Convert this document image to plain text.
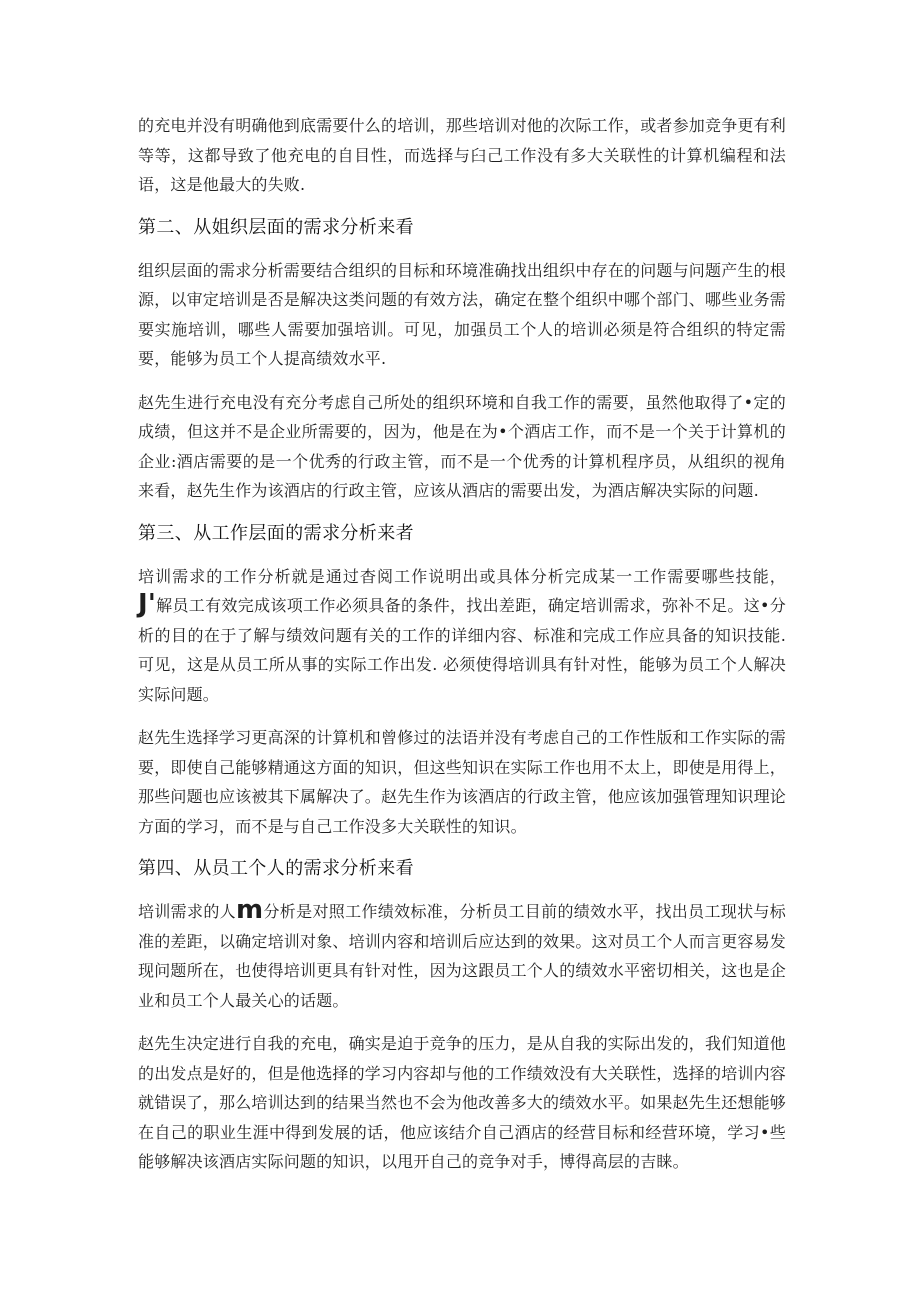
的充电并没有明确他到底需要什么的培训，那些培训对他的次际工作，或者参加竞争更有利等等，这都导致了他充电的自目性，而选择与臼己工作没有多大关联性的计算机编程和法语，这是他最大的失败.

第二、从姐织层面的需求分析来看

组织层面的需求分析需要结合组织的目标和环境准确找出组织中存在的问题与问题产生的根源，以审定培训是否是解决这类问题的有效方法，确定在整个组织中哪个部门、哪些业务需要实施培训，哪些人需要加强培训。可见，加强员工个人的培训必须是符合组织的特定需要，能够为员工个人提高绩效水平.

赵先生进行充电没有充分考虑自己所处的组织环境和自我工作的需要，虽然他取得了•定的成绩，但这并不是企业所需要的，因为，他是在为•个酒店工作，而不是一个关于计算机的企业:酒店需要的是一个优秀的行政主管，而不是一个优秀的计算机程序员，从组织的视角来看，赵先生作为该酒店的行政主管，应该从酒店的需要出发，为酒店解决实际的问题.

第三、从工作层面的需求分析来者

培训需求的工作分析就是通过杳阅工作说明出或具体分析完成某一工作需要哪些技能，J'解员工有效完成该项工作必须具备的条件，找出差距，确定培训需求，弥补不足。这•分析的目的在于了解与绩效问题有关的工作的详细内容、标准和完成工作应具备的知识技能. 可见，这是从员工所从事的实际工作出发. 必须使得培训具有针对性，能够为员工个人解决实际问题。

赵先生选择学习更高深的计算机和曾修过的法语并没有考虑自己的工作性版和工作实际的需要，即使自己能够精通这方面的知识，但这些知识在实际工作也用不太上，即使是用得上，那些问题也应该被其下属解决了。赵先生作为该酒店的行政主管，他应该加强管理知识理论方面的学习，而不是与自己工作没多大关联性的知识。

第四、从员工个人的需求分析来看

培训需求的人m分析是对照工作绩效标准，分析员工目前的绩效水平，找出员工现状与标准的差距，以确定培训对象、培训内容和培训后应达到的效果。这对员工个人而言更容易发现问题所在，也使得培训更具有针对性，因为这跟员工个人的绩效水平密切相关，这也是企业和员工个人最关心的话题。

赵先生决定进行自我的充电，确实是迫于竞争的压力，是从自我的实际出发的，我们知道他的出发点是好的，但是他选择的学习内容却与他的工作绩效没有大关联性，选择的培训内容就错误了，那么培训达到的结果当然也不会为他改善多大的绩效水平。如果赵先生还想能够在自己的职业生涯中得到发展的话，他应该结介自己酒店的经营目标和经营环境，学习•些能够解决该酒店实际问题的知识，以甩开自己的竞争对手，博得高层的吉睐。
